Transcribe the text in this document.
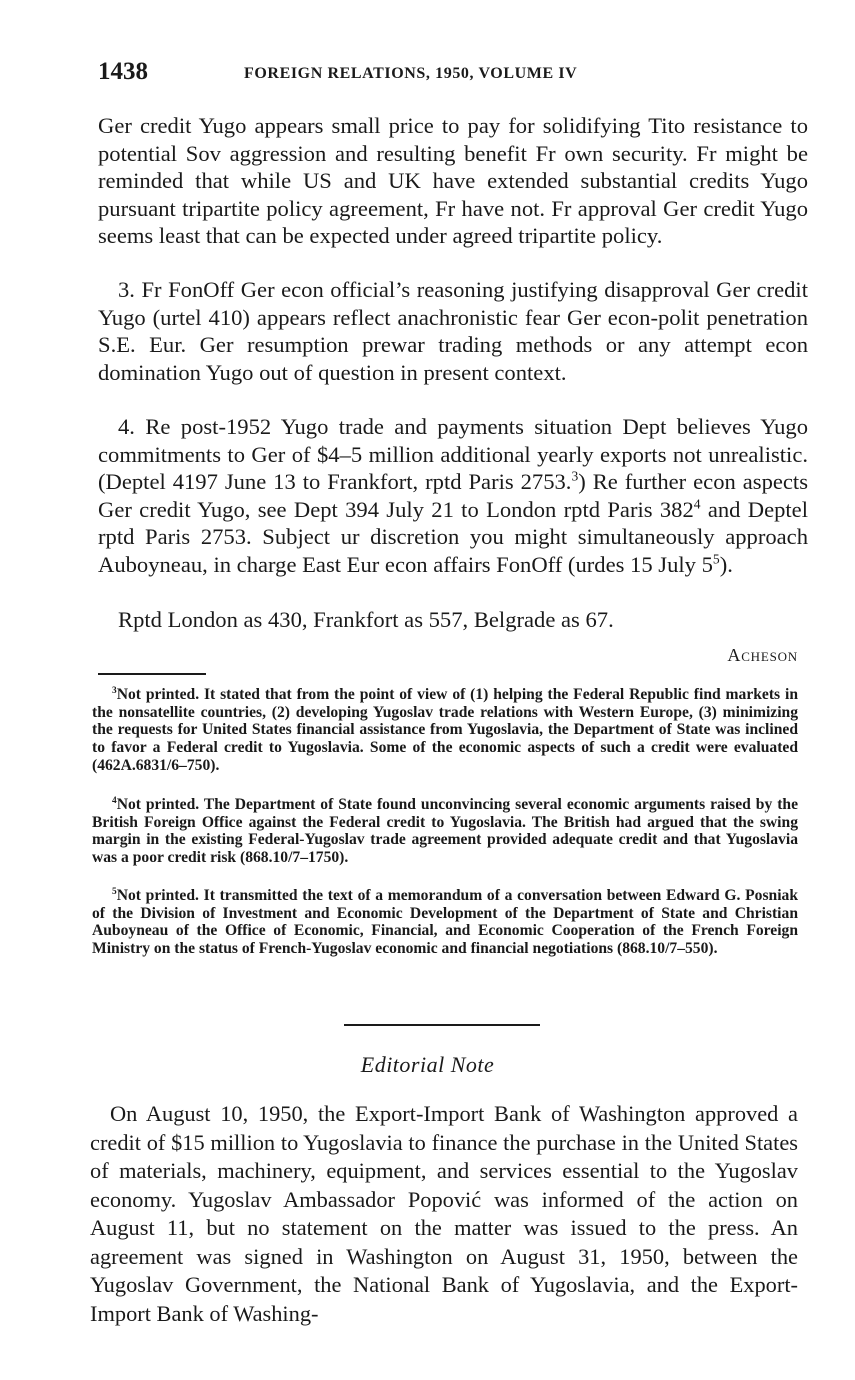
1438	FOREIGN RELATIONS, 1950, VOLUME IV

Ger credit Yugo appears small price to pay for solidifying Tito resistance to potential Sov aggression and resulting benefit Fr own security. Fr might be reminded that while US and UK have extended substantial credits Yugo pursuant tripartite policy agreement, Fr have not. Fr approval Ger credit Yugo seems least that can be expected under agreed tripartite policy.

3. Fr FonOff Ger econ official’s reasoning justifying disapproval Ger credit Yugo (urtel 410) appears reflect anachronistic fear Ger econ-polit penetration S.E. Eur. Ger resumption prewar trading methods or any attempt econ domination Yugo out of question in present context.

4. Re post-1952 Yugo trade and payments situation Dept believes Yugo commitments to Ger of $4–5 million additional yearly exports not unrealistic. (Deptel 4197 June 13 to Frankfort, rptd Paris 2753.$^3$) Re further econ aspects Ger credit Yugo, see Dept 394 July 21 to London rptd Paris $382^4$ and Deptel rptd Paris 2753. Subject ur discretion you might simultaneously approach Auboyneau, in charge East Eur econ affairs FonOff (urdes 15 July $5^5$).

Rptd London as 430, Frankfort as 557, Belgrade as 67.

Acheson

$^3$Not printed. It stated that from the point of view of (1) helping the Federal Republic find markets in the nonsatellite countries, (2) developing Yugoslav trade relations with Western Europe, (3) minimizing the requests for United States financial assistance from Yugoslavia, the Department of State was inclined to favor a Federal credit to Yugoslavia. Some of the economic aspects of such a credit were evaluated (462A.6831/6–750).

$^4$Not printed. The Department of State found unconvincing several economic arguments raised by the British Foreign Office against the Federal credit to Yugoslavia. The British had argued that the swing margin in the existing Federal-Yugoslav trade agreement provided adequate credit and that Yugoslavia was a poor credit risk (868.10/7–1750).

$^5$Not printed. It transmitted the text of a memorandum of a conversation between Edward G. Posniak of the Division of Investment and Economic Development of the Department of State and Christian Auboyneau of the Office of Economic, Financial, and Economic Cooperation of the French Foreign Ministry on the status of French-Yugoslav economic and financial negotiations (868.10/7–550).

Editorial Note

On August 10, 1950, the Export-Import Bank of Washington approved a credit of $15 million to Yugoslavia to finance the purchase in the United States of materials, machinery, equipment, and services essential to the Yugoslav economy. Yugoslav Ambassador Popović was informed of the action on August 11, but no statement on the matter was issued to the press. An agreement was signed in Washington on August 31, 1950, between the Yugoslav Government, the National Bank of Yugoslavia, and the Export-Import Bank of Washing-
